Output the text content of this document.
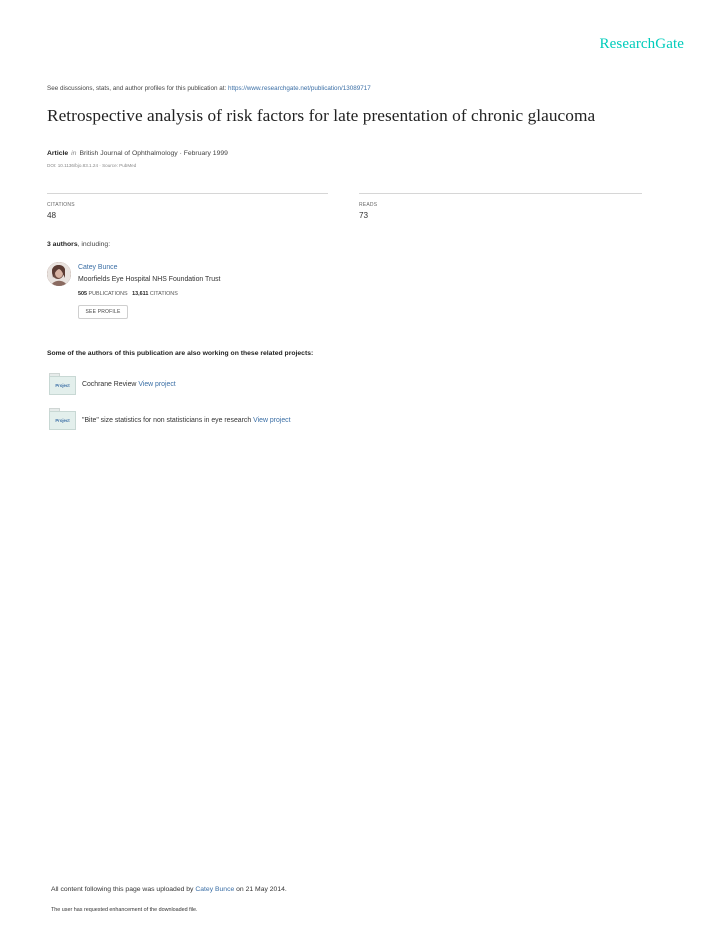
ResearchGate
See discussions, stats, and author profiles for this publication at: https://www.researchgate.net/publication/13089717
Retrospective analysis of risk factors for late presentation of chronic glaucoma
Article in British Journal of Ophthalmology · February 1999
DOI: 10.1136/bjo.83.1.24 · Source: PubMed
CITATIONS
48
READS
73
3 authors, including:
Catey Bunce
Moorfields Eye Hospital NHS Foundation Trust
505 PUBLICATIONS 13,611 CITATIONS
SEE PROFILE
Some of the authors of this publication are also working on these related projects:
Project	Cochrane Review View project
Project	"Bite" size statistics for non statisticians in eye research View project
All content following this page was uploaded by Catey Bunce on 21 May 2014.
The user has requested enhancement of the downloaded file.
